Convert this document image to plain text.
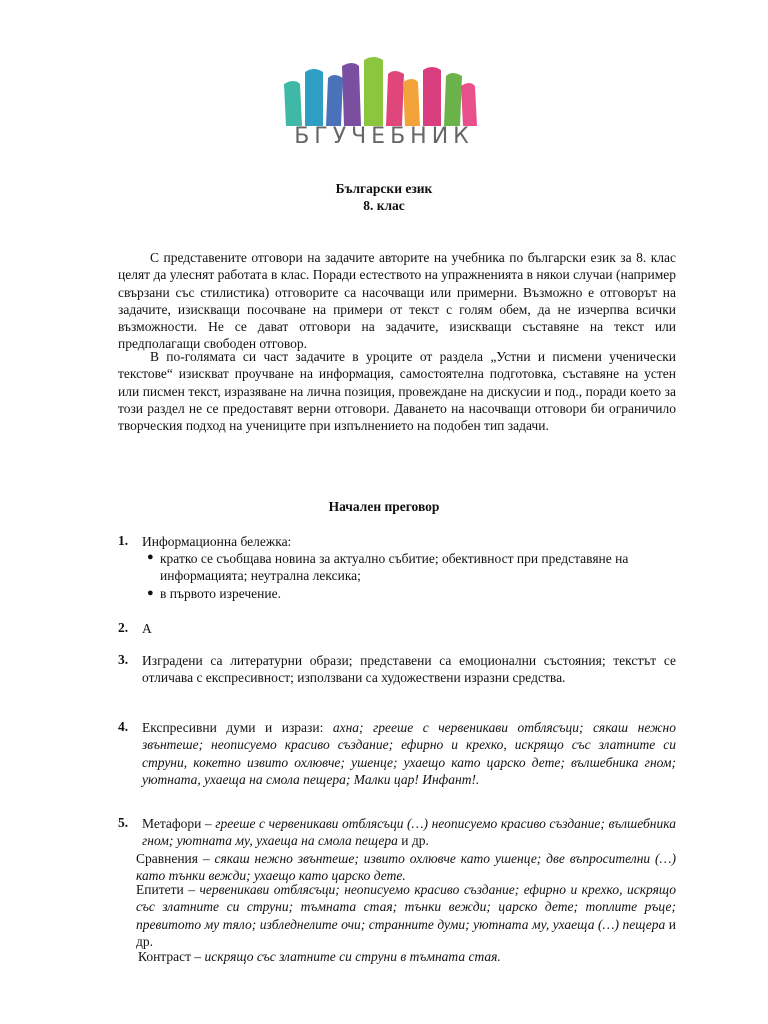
БГУЧЕБНИК
Български език
8. клас
С представените отговори на задачите авторите на учебника по български език за 8. клас целят да улеснят работата в клас. Поради естеството на упражненията в някои случаи (например свързани със стилистика) отговорите са насочващи или примерни. Възможно е отговорът на задачите, изискващи посочване на примери от текст с голям обем, да не изчерпва всички възможности. Не се дават отговори на задачите, изискващи съставяне на текст или предполагащи свободен отговор.
В по-голямата си част задачите в уроците от раздела „Устни и писмени ученически текстове“ изискват проучване на информация, самостоятелна подготовка, съставяне на устен или писмен текст, изразяване на лична позиция, провеждане на дискусии и под., поради което за този раздел не се предоставят верни отговори. Даването на насочващи отговори би ограничило творческия подход на учениците при изпълнението на подобен тип задачи.
Начален преговор
1. Информационна бележка:
● кратко се съобщава новина за актуално събитие; обективност при представяне на информацията; неутрална лексика;
● в първото изречение.
2. А
3. Изградени са литературни образи; представени са емоционални състояния; текстът се отличава с експресивност; използвани са художествени изразни средства.
4. Експресивни думи и изрази: ахна; грееше с червеникави отблясъци; сякаш нежно звънтеше; неописуемо красиво създание; ефирно и крехко, искрящо със златните си струни, кокетно извито охлювче; ушенце; ухаещо като царско дете; вълшебника гном; уютната, ухаеща на смола пещера; Малки цар! Инфант!.
5. Метафори – грееше с червеникави отблясъци (…) неописуемо красиво създание; вълшебника гном; уютната му, ухаеща на смола пещера и др.
Сравнения – сякаш нежно звънтеше; извито охлювче като ушенце; две въпросителни (…) като тънки вежди; ухаещо като царско дете.
Епитети – червеникави отблясъци; неописуемо красиво създание; ефирно и крехко, искрящо със златните си струни; тъмната стая; тънки вежди; царско дете; топлите ръце; превитото му тяло; избледнелите очи; странните думи; уютната му, ухаеща (…) пещера и др.
Контраст – искрящо със златните си струни в тъмната стая.
